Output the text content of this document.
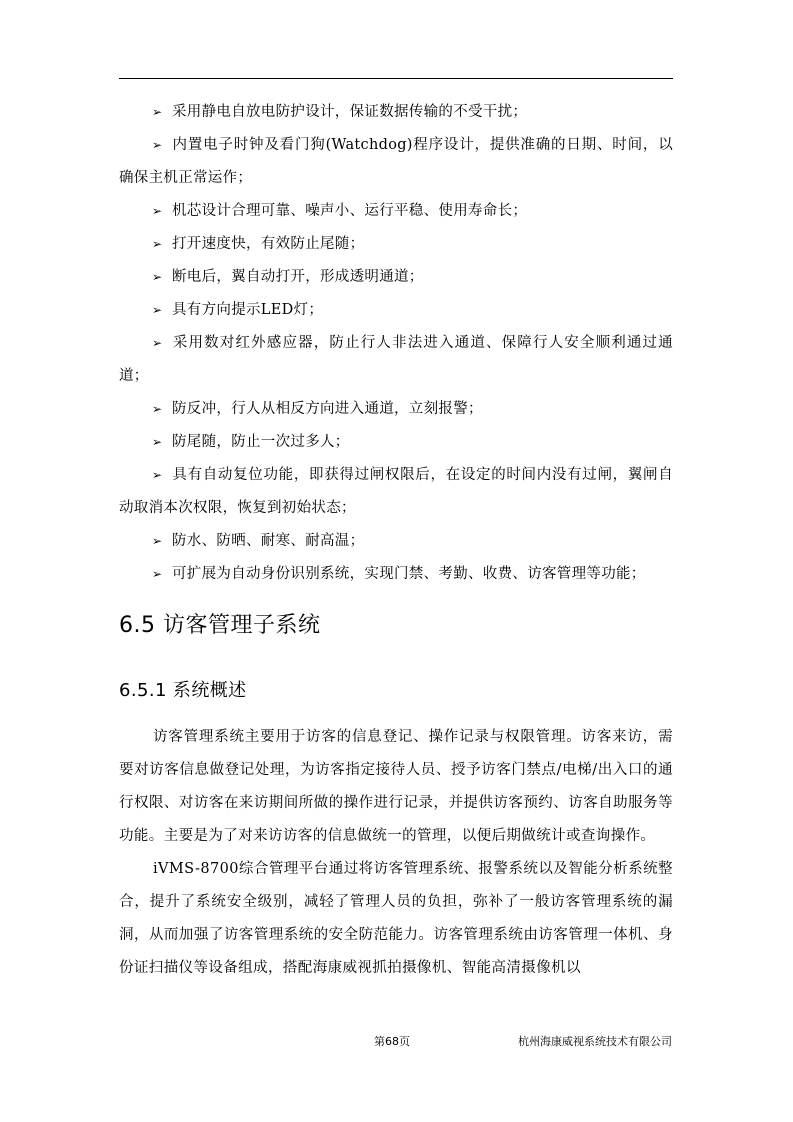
➢ 采用静电自放电防护设计，保证数据传输的不受干扰；
➢ 内置电子时钟及看门狗(Watchdog)程序设计，提供准确的日期、时间，以确保主机正常运作；
➢ 机芯设计合理可靠、噪声小、运行平稳、使用寿命长；
➢ 打开速度快，有效防止尾随；
➢ 断电后，翼自动打开，形成透明通道；
➢ 具有方向提示LED灯；
➢ 采用数对红外感应器，防止行人非法进入通道、保障行人安全顺利通过通道；
➢ 防反冲，行人从相反方向进入通道，立刻报警；
➢ 防尾随，防止一次过多人；
➢ 具有自动复位功能，即获得过闸权限后，在设定的时间内没有过闸，翼闸自动取消本次权限，恢复到初始状态；
➢ 防水、防晒、耐寒、耐高温；
➢ 可扩展为自动身份识别系统，实现门禁、考勤、收费、访客管理等功能；
6.5 访客管理子系统
6.5.1 系统概述

访客管理系统主要用于访客的信息登记、操作记录与权限管理。访客来访，需要对访客信息做登记处理，为访客指定接待人员、授予访客门禁点/电梯/出入口的通行权限、对访客在来访期间所做的操作进行记录，并提供访客预约、访客自助服务等功能。主要是为了对来访访客的信息做统一的管理，以便后期做统计或查询操作。

iVMS-8700综合管理平台通过将访客管理系统、报警系统以及智能分析系统整合，提升了系统安全级别，减轻了管理人员的负担，弥补了一般访客管理系统的漏洞，从而加强了访客管理系统的安全防范能力。访客管理系统由访客管理一体机、身份证扫描仪等设备组成，搭配海康威视抓拍摄像机、智能高清摄像机以

第68页	杭州海康威视系统技术有限公司
